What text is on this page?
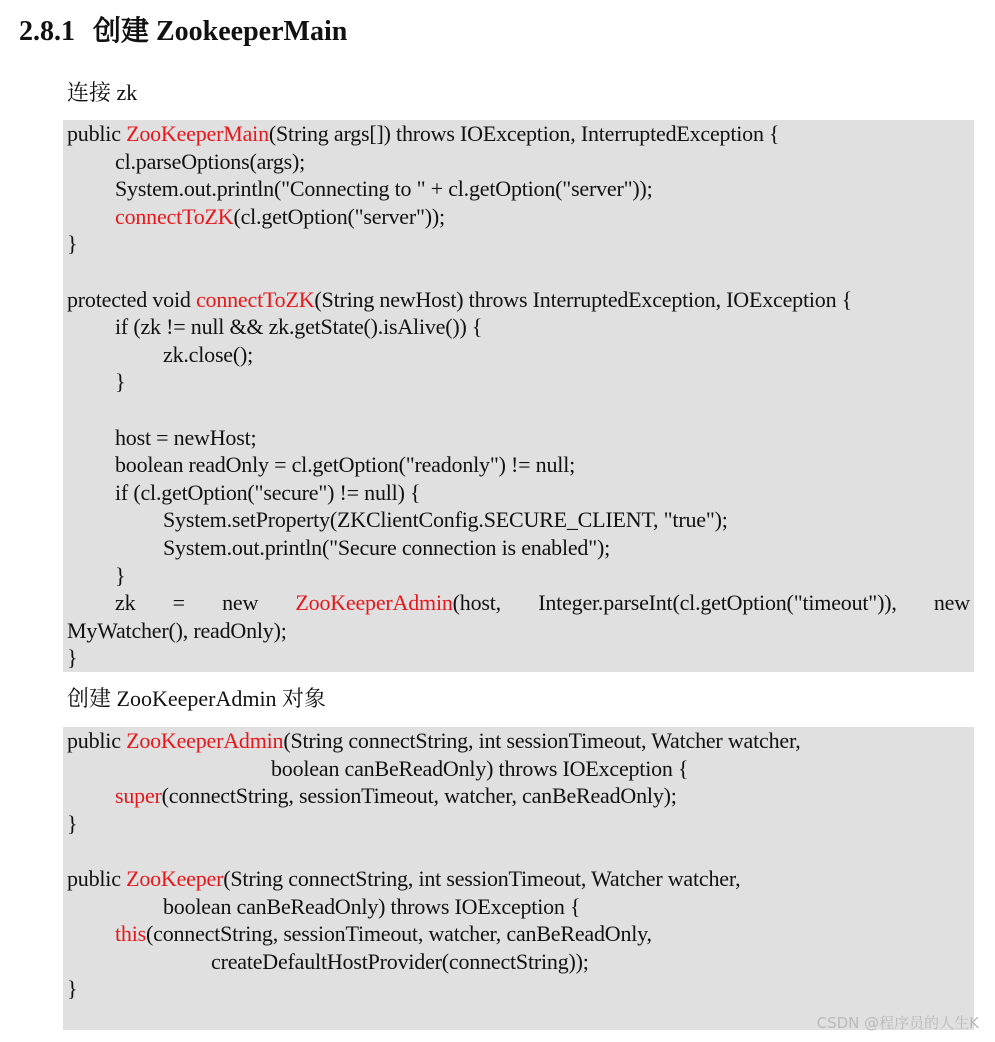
2.8.1 创建 ZookeeperMain

连接 zk

public ZooKeeperMain(String args[]) throws IOException, InterruptedException {
cl.parseOptions(args);
System.out.println("Connecting to " + cl.getOption("server"));
connectToZK(cl.getOption("server"));
}
protected void connectToZK(String newHost) throws InterruptedException, IOException {
if (zk != null && zk.getState().isAlive()) {
zk.close();
}
host = newHost;
boolean readOnly = cl.getOption("readonly") != null;
if (cl.getOption("secure") != null) {
System.setProperty(ZKClientConfig.SECURE_CLIENT, "true");
System.out.println("Secure connection is enabled");
}
zk = new ZooKeeperAdmin(host, Integer.parseInt(cl.getOption("timeout")), new
MyWatcher(), readOnly);
}

创建 ZooKeeperAdmin 对象

public ZooKeeperAdmin(String connectString, int sessionTimeout, Watcher watcher,
boolean canBeReadOnly) throws IOException {
super(connectString, sessionTimeout, watcher, canBeReadOnly);
}
public ZooKeeper(String connectString, int sessionTimeout, Watcher watcher,
boolean canBeReadOnly) throws IOException {
this(connectString, sessionTimeout, watcher, canBeReadOnly,
createDefaultHostProvider(connectString));
}
CSDN @程序员的人生K
